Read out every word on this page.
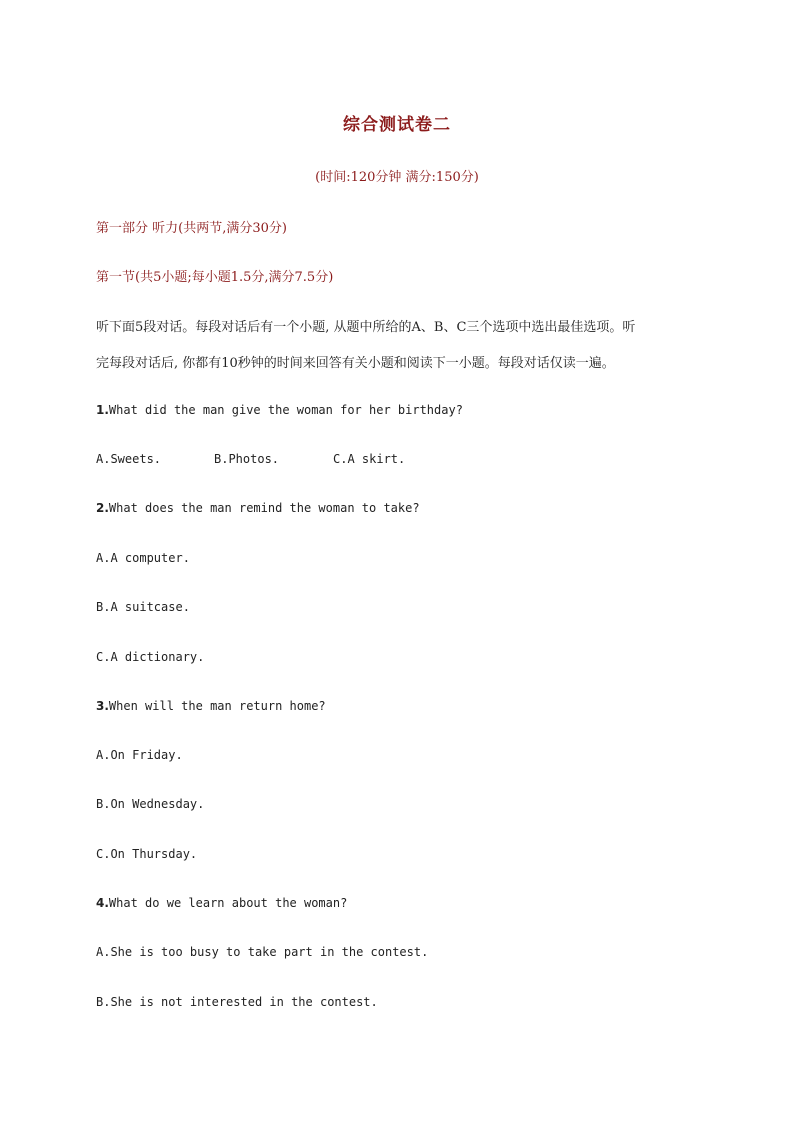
综合测试卷二
(时间:120分钟 满分:150分)
第一部分 听力(共两节,满分30分)
第一节(共5小题;每小题1.5分,满分7.5分)
听下面5段对话。每段对话后有一个小题, 从题中所给的A、B、C三个选项中选出最佳选项。听
完每段对话后, 你都有10秒钟的时间来回答有关小题和阅读下一小题。每段对话仅读一遍。
1.What did the man give the woman for her birthday?
A.Sweets.	B.Photos.	C.A skirt.
2.What does the man remind the woman to take?
A.A computer.
B.A suitcase.
C.A dictionary.
3.When will the man return home?
A.On Friday.
B.On Wednesday.
C.On Thursday.
4.What do we learn about the woman?
A.She is too busy to take part in the contest.
B.She is not interested in the contest.
